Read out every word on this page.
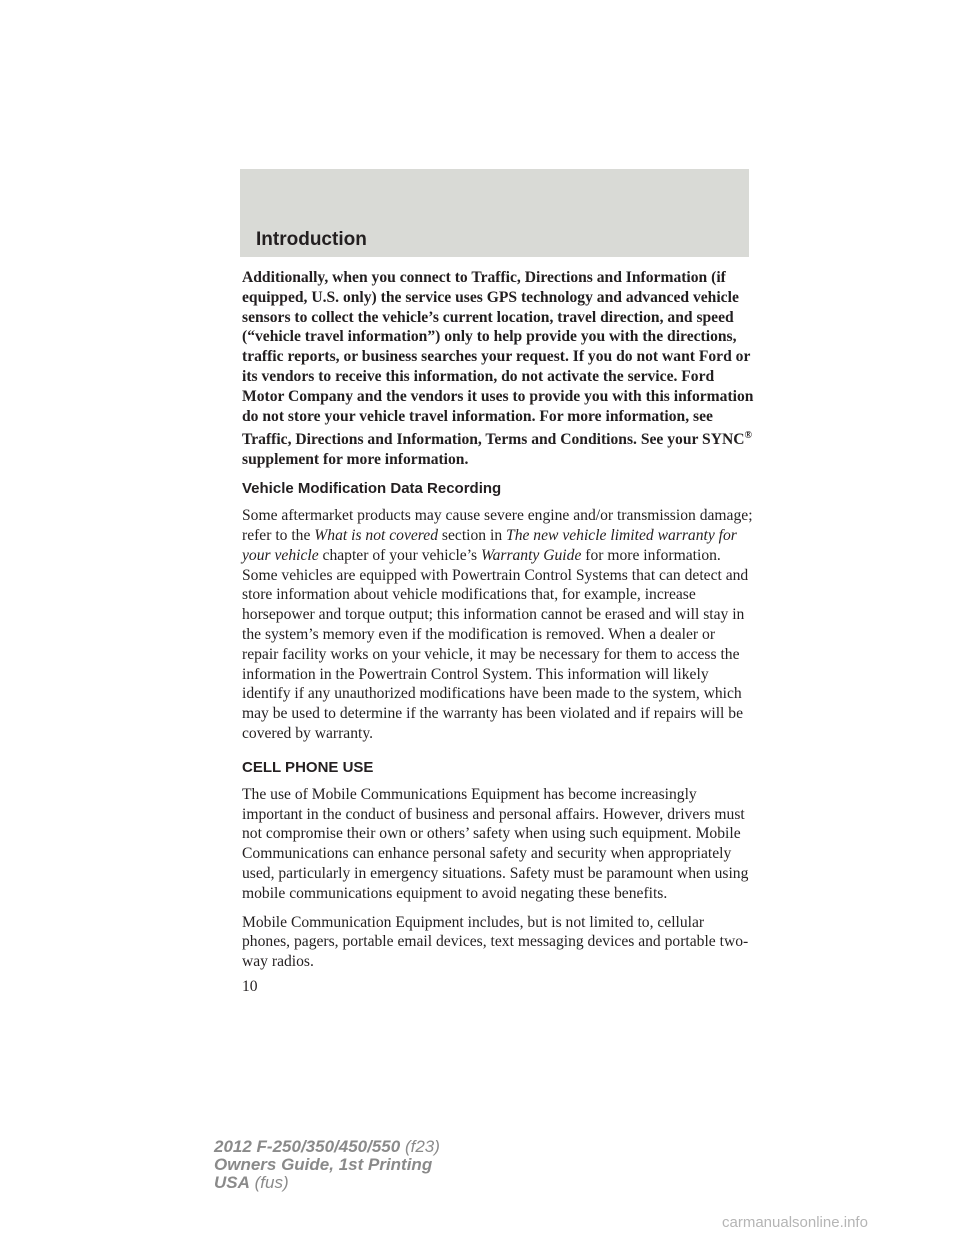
Introduction

Additionally, when you connect to Traffic, Directions and Information (if equipped, U.S. only) the service uses GPS technology and advanced vehicle sensors to collect the vehicle’s current location, travel direction, and speed (“vehicle travel information”) only to help provide you with the directions, traffic reports, or business searches your request. If you do not want Ford or its vendors to receive this information, do not activate the service. Ford Motor Company and the vendors it uses to provide you with this information do not store your vehicle travel information. For more information, see Traffic, Directions and Information, Terms and Conditions. See your SYNC® supplement for more information.

Vehicle Modification Data Recording

Some aftermarket products may cause severe engine and/or transmission damage; refer to the What is not covered section in The new vehicle limited warranty for your vehicle chapter of your vehicle’s Warranty Guide for more information. Some vehicles are equipped with Powertrain Control Systems that can detect and store information about vehicle modifications that, for example, increase horsepower and torque output; this information cannot be erased and will stay in the system’s memory even if the modification is removed. When a dealer or repair facility works on your vehicle, it may be necessary for them to access the information in the Powertrain Control System. This information will likely identify if any unauthorized modifications have been made to the system, which may be used to determine if the warranty has been violated and if repairs will be covered by warranty.

CELL PHONE USE

The use of Mobile Communications Equipment has become increasingly important in the conduct of business and personal affairs. However, drivers must not compromise their own or others’ safety when using such equipment. Mobile Communications can enhance personal safety and security when appropriately used, particularly in emergency situations. Safety must be paramount when using mobile communications equipment to avoid negating these benefits.

Mobile Communication Equipment includes, but is not limited to, cellular phones, pagers, portable email devices, text messaging devices and portable two-way radios.

10
2012 F-250/350/450/550 (f23)
Owners Guide, 1st Printing
USA (fus)
carmanualsonline.info
